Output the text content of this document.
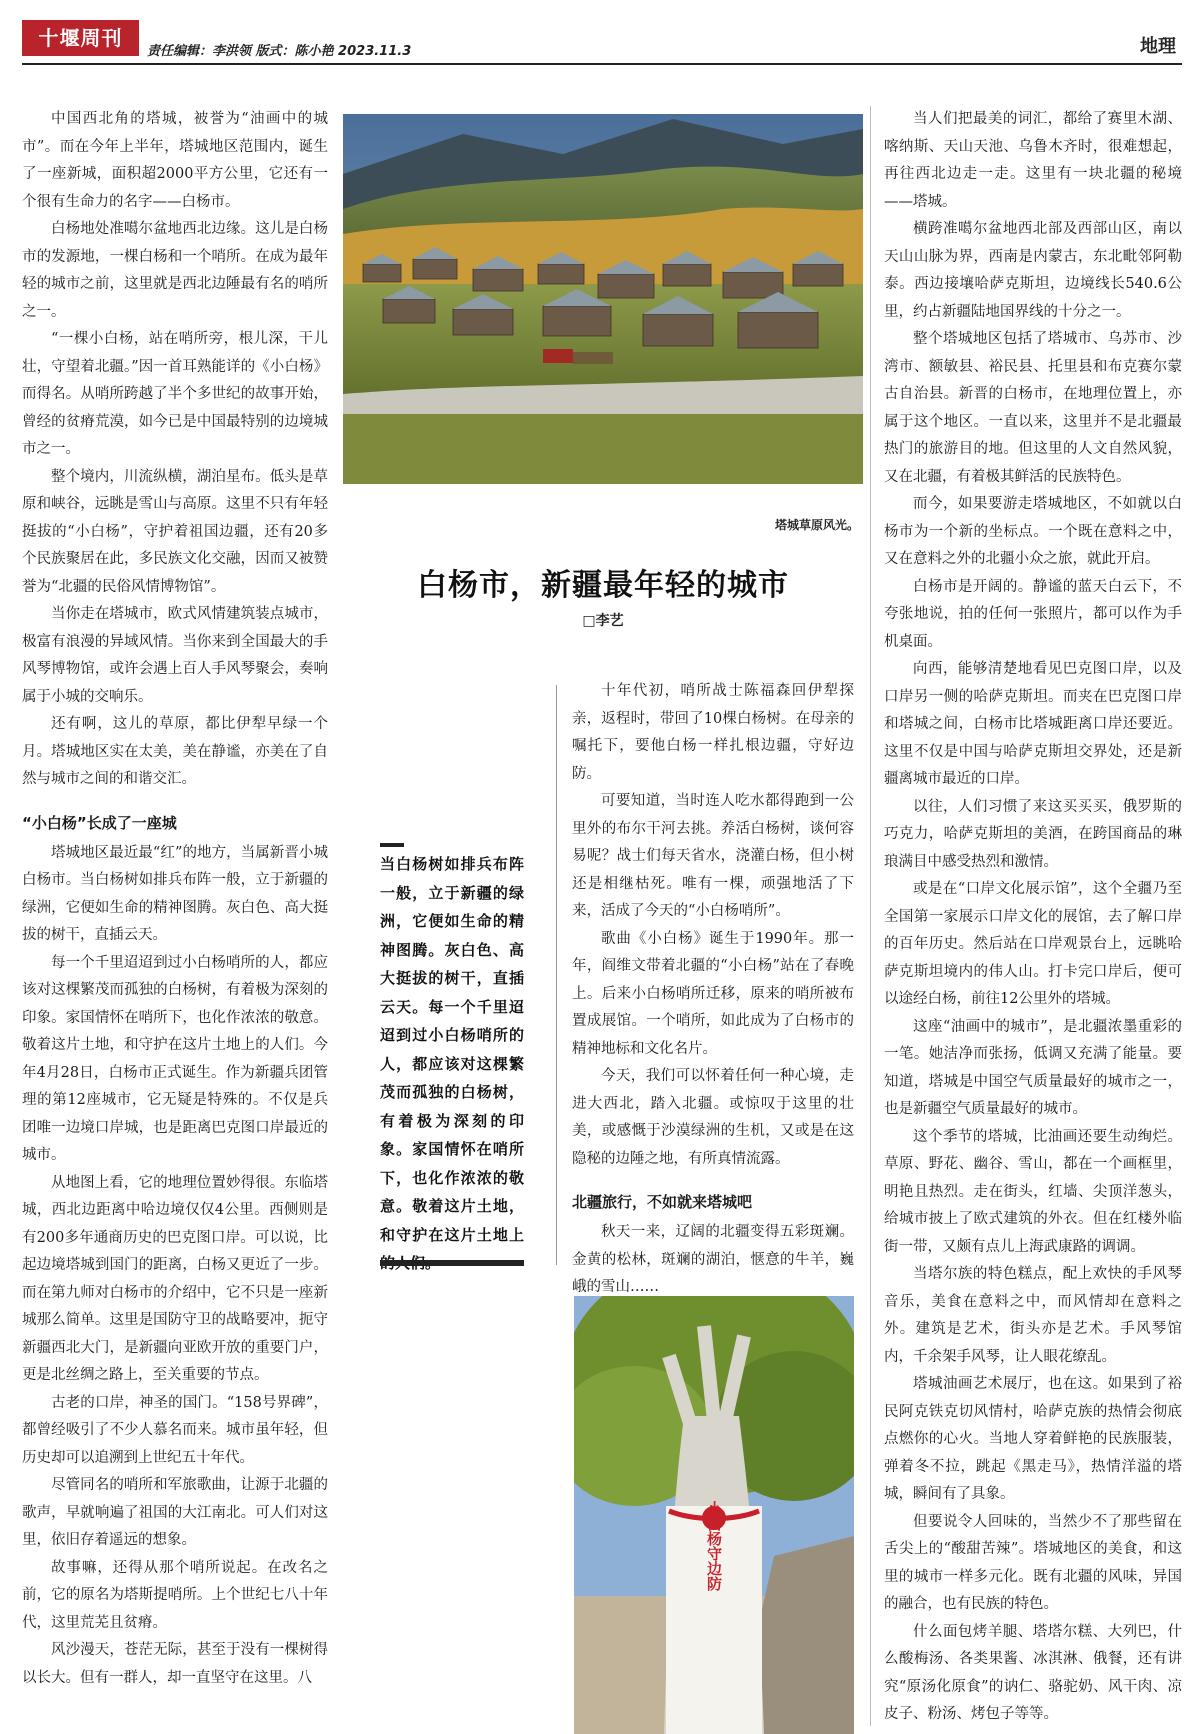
十堰周刊
责任编辑：李洪领 版式：陈小艳 2023.11.3	地理

中国西北角的塔城，被誉为“油画中的城市”。而在今年上半年，塔城地区范围内，诞生了一座新城，面积超2000平方公里，它还有一个很有生命力的名字——白杨市。

白杨地处准噶尔盆地西北边缘。这儿是白杨市的发源地，一棵白杨和一个哨所。在成为最年轻的城市之前，这里就是西北边陲最有名的哨所之一。

“一棵小白杨，站在哨所旁，根儿深，干儿壮，守望着北疆。”因一首耳熟能详的《小白杨》而得名。从哨所跨越了半个多世纪的故事开始，曾经的贫瘠荒漠，如今已是中国最特别的边境城市之一。

整个境内，川流纵横，湖泊星布。低头是草原和峡谷，远眺是雪山与高原。这里不只有年轻挺拔的“小白杨”，守护着祖国边疆，还有20多个民族聚居在此，多民族文化交融，因而又被赞誉为“北疆的民俗风情博物馆”。

当你走在塔城市，欧式风情建筑装点城市，极富有浪漫的异域风情。当你来到全国最大的手风琴博物馆，或许会遇上百人手风琴聚会，奏响属于小城的交响乐。

还有啊，这儿的草原，都比伊犁早绿一个月。塔城地区实在太美，美在静谧，亦美在了自然与城市之间的和谐交汇。

“小白杨”长成了一座城

塔城地区最近最“红”的地方，当属新晋小城白杨市。当白杨树如排兵布阵一般，立于新疆的绿洲，它便如生命的精神图腾。灰白色、高大挺拔的树干，直插云天。

每一个千里迢迢到过小白杨哨所的人，都应该对这棵繁茂而孤独的白杨树，有着极为深刻的印象。家国情怀在哨所下，也化作浓浓的敬意。敬着这片土地，和守护在这片土地上的人们。今年4月28日，白杨市正式诞生。作为新疆兵团管理的第12座城市，它无疑是特殊的。不仅是兵团唯一边境口岸城，也是距离巴克图口岸最近的城市。

从地图上看，它的地理位置妙得很。东临塔城，西北边距离中哈边境仅仅4公里。西侧则是有200多年通商历史的巴克图口岸。可以说，比起边境塔城到国门的距离，白杨又更近了一步。而在第九师对白杨市的介绍中，它不只是一座新城那么简单。这里是国防守卫的战略要冲，扼守新疆西北大门，是新疆向亚欧开放的重要门户，更是北丝绸之路上，至关重要的节点。

古老的口岸，神圣的国门。“158号界碑”，都曾经吸引了不少人慕名而来。城市虽年轻，但历史却可以追溯到上世纪五十年代。

尽管同名的哨所和军旅歌曲，让源于北疆的歌声，早就响遍了祖国的大江南北。可人们对这里，依旧存着遥远的想象。

故事嘛，还得从那个哨所说起。在改名之前，它的原名为塔斯提哨所。上个世纪七八十年代，这里荒芜且贫瘠。

风沙漫天，苍茫无际，甚至于没有一棵树得以长大。但有一群人，却一直坚守在这里。八

塔城草原风光。
白杨市，新疆最年轻的城市
□李艺
当白杨树如排兵布阵一般，立于新疆的绿洲，它便如生命的精神图腾。灰白色、高大挺拔的树干，直插云天。每一个千里迢迢到过小白杨哨所的人，都应该对这棵繁茂而孤独的白杨树，有着极为深刻的印象。家国情怀在哨所下，也化作浓浓的敬意。敬着这片土地，和守护在这片土地上

十年代初，哨所战士陈福森回伊犁探亲，返程时，带回了10棵白杨树。在母亲的嘱托下，要他白杨一样扎根边疆，守好边防。

可要知道，当时连人吃水都得跑到一公里外的布尔干河去挑。养活白杨树，谈何容易呢？战士们每天省水，浇灌白杨，但小树还是相继枯死。唯有一棵，顽强地活了下来，活成了今天的“小白杨哨所”。

歌曲《小白杨》诞生于1990年。那一年，阎维文带着北疆的“小白杨”站在了春晚上。后来小白杨哨所迁移，原来的哨所被布置成展馆。一个哨所，如此成为了白杨市的精神地标和文化名片。

今天，我们可以怀着任何一种心境，走进大西北，踏入北疆。或惊叹于这里的壮美，或感慨于沙漠绿洲的生机，又或是在这隐秘的边陲之地，有所真情流露。

北疆旅行，不如就来塔城吧

秋天一来，辽阔的北疆变得五彩斑斓。金黄的松林，斑斓的湖泊，惬意的牛羊，巍峨的雪山……

小白杨守边防

当人们把最美的词汇，都给了赛里木湖、喀纳斯、天山天池、乌鲁木齐时，很难想起，再往西北边走一走。这里有一块北疆的秘境——塔城。

横跨准噶尔盆地西北部及西部山区，南以天山山脉为界，西南是内蒙古，东北毗邻阿勒泰。西边接壤哈萨克斯坦，边境线长540.6公里，约占新疆陆地国界线的十分之一。

整个塔城地区包括了塔城市、乌苏市、沙湾市、额敏县、裕民县、托里县和布克赛尔蒙古自治县。新晋的白杨市，在地理位置上，亦属于这个地区。一直以来，这里并不是北疆最热门的旅游目的地。但这里的人文自然风貌，又在北疆，有着极其鲜活的民族特色。

而今，如果要游走塔城地区，不如就以白杨市为一个新的坐标点。一个既在意料之中，又在意料之外的北疆小众之旅，就此开启。

白杨市是开阔的。静谧的蓝天白云下，不夸张地说，拍的任何一张照片，都可以作为手机桌面。

向西，能够清楚地看见巴克图口岸，以及口岸另一侧的哈萨克斯坦。而夹在巴克图口岸和塔城之间，白杨市比塔城距离口岸还要近。这里不仅是中国与哈萨克斯坦交界处，还是新疆离城市最近的口岸。

以往，人们习惯了来这买买买，俄罗斯的巧克力，哈萨克斯坦的美酒，在跨国商品的琳琅满目中感受热烈和激情。

或是在“口岸文化展示馆”，这个全疆乃至全国第一家展示口岸文化的展馆，去了解口岸的百年历史。然后站在口岸观景台上，远眺哈萨克斯坦境内的伟人山。打卡完口岸后，便可以途经白杨，前往12公里外的塔城。

这座“油画中的城市”，是北疆浓墨重彩的一笔。她洁净而张扬，低调又充满了能量。要知道，塔城是中国空气质量最好的城市之一，也是新疆空气质量最好的城市。

这个季节的塔城，比油画还要生动绚烂。草原、野花、幽谷、雪山，都在一个画框里，明艳且热烈。走在街头，红墙、尖顶洋葱头，给城市披上了欧式建筑的外衣。但在红楼外临街一带，又颇有点儿上海武康路的调调。

当塔尔族的特色糕点，配上欢快的手风琴音乐，美食在意料之中，而风情却在意料之外。建筑是艺术，街头亦是艺术。手风琴馆内，千余架手风琴，让人眼花缭乱。

塔城油画艺术展厅，也在这。如果到了裕民阿克铁克切风情村，哈萨克族的热情会彻底点燃你的心火。当地人穿着鲜艳的民族服装，弹着冬不拉，跳起《黑走马》，热情洋溢的塔城，瞬间有了具象。

但要说令人回味的，当然少不了那些留在舌尖上的“酸甜苦辣”。塔城地区的美食，和这里的城市一样多元化。既有北疆的风味，异国的融合，也有民族的特色。

什么面包烤羊腿、塔塔尔糕、大列巴，什么酸梅汤、各类果酱、冰淇淋、俄餐，还有讲究“原汤化原食”的讷仁、骆驼奶、风干肉、凉皮子、粉汤、烤包子等等。
